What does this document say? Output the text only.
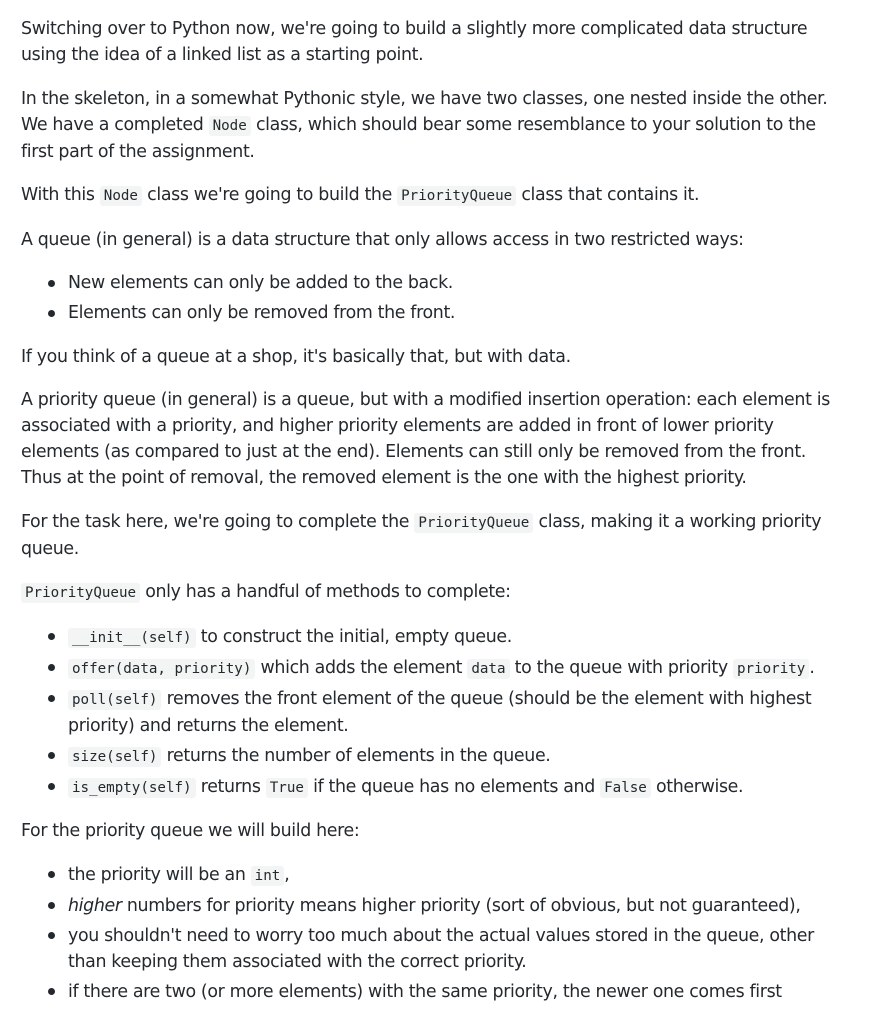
Switching over to Python now, we're going to build a slightly more complicated data structure using the idea of a linked list as a starting point.

In the skeleton, in a somewhat Pythonic style, we have two classes, one nested inside the other. We have a completed Node class, which should bear some resemblance to your solution to the first part of the assignment.

With this Node class we're going to build the PriorityQueue class that contains it.

A queue (in general) is a data structure that only allows access in two restricted ways:

New elements can only be added to the back.
Elements can only be removed from the front.

If you think of a queue at a shop, it's basically that, but with data.

A priority queue (in general) is a queue, but with a modified insertion operation: each element is associated with a priority, and higher priority elements are added in front of lower priority elements (as compared to just at the end). Elements can still only be removed from the front. Thus at the point of removal, the removed element is the one with the highest priority.

For the task here, we're going to complete the PriorityQueue class, making it a working priority queue.

PriorityQueue only has a handful of methods to complete:

__init__(self) to construct the initial, empty queue.
offer(data, priority) which adds the element data to the queue with priority priority .
poll(self) removes the front element of the queue (should be the element with highest priority) and returns the element.
size(self) returns the number of elements in the queue.
is_empty(self) returns True if the queue has no elements and False otherwise.

For the priority queue we will build here:

the priority will be an int ,
higher numbers for priority means higher priority (sort of obvious, but not guaranteed),
you shouldn't need to worry too much about the actual values stored in the queue, other than keeping them associated with the correct priority.
if there are two (or more elements) with the same priority, the newer one comes first
